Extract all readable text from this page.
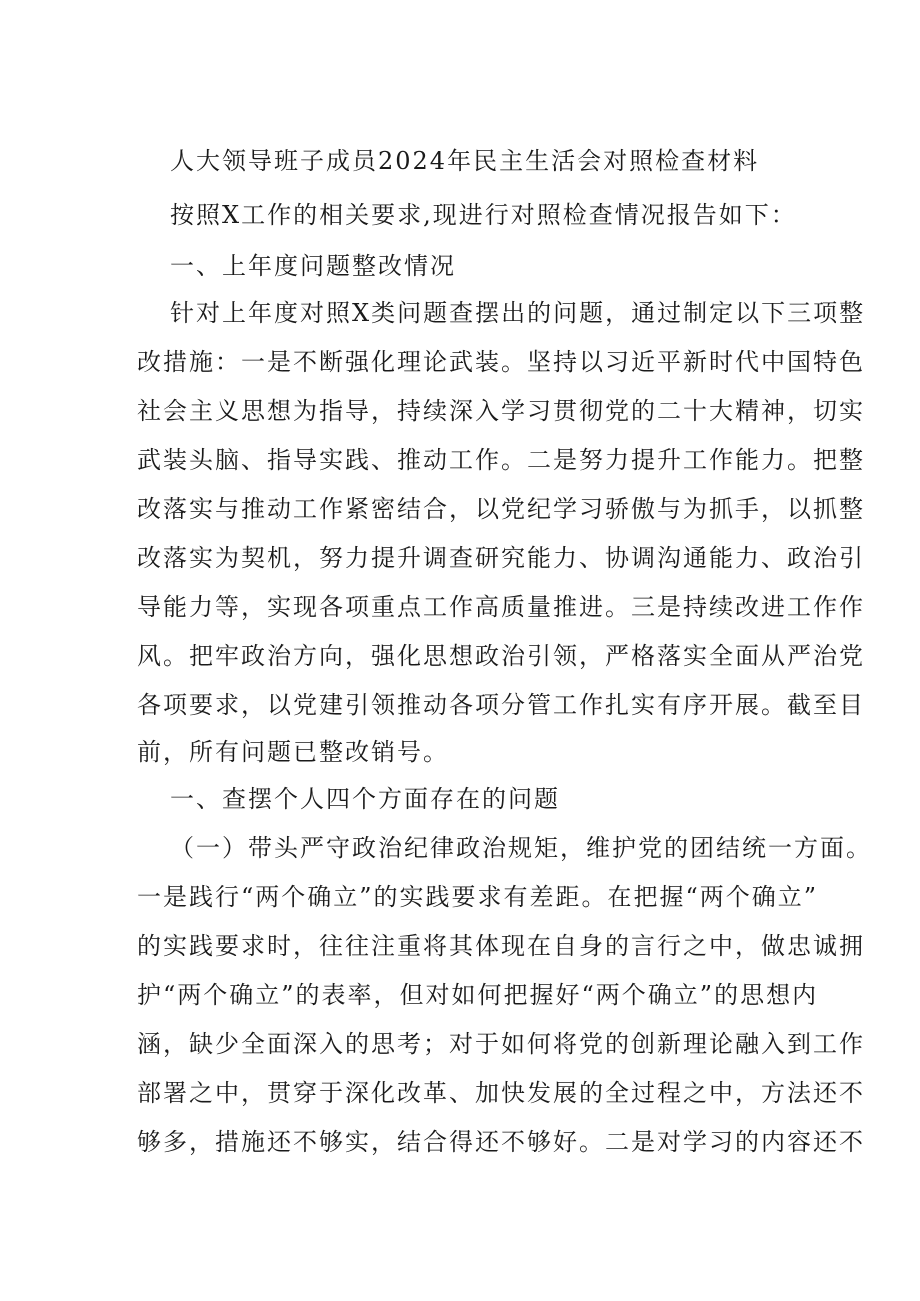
人大领导班子成员2024年民主生活会对照检查材料
按照X工作的相关要求,现进行对照检查情况报告如下：
一、上年度问题整改情况
针对上年度对照X类问题查摆出的问题，通过制定以下三项整
改措施：一是不断强化理论武装。坚持以习近平新时代中国特色
社会主义思想为指导，持续深入学习贯彻党的二十大精神，切实
武装头脑、指导实践、推动工作。二是努力提升工作能力。把整
改落实与推动工作紧密结合，以党纪学习骄傲与为抓手，以抓整
改落实为契机，努力提升调查研究能力、协调沟通能力、政治引
导能力等，实现各项重点工作高质量推进。三是持续改进工作作
风。把牢政治方向，强化思想政治引领，严格落实全面从严治党
各项要求，以党建引领推动各项分管工作扎实有序开展。截至目
前，所有问题已整改销号。
一、查摆个人四个方面存在的问题
（一）带头严守政治纪律政治规矩，维护党的团结统一方面。
一是践行“两个确立”的实践要求有差距。在把握“两个确立”
的实践要求时，往往注重将其体现在自身的言行之中，做忠诚拥
护“两个确立”的表率，但对如何把握好“两个确立”的思想内
涵，缺少全面深入的思考；对于如何将党的创新理论融入到工作
部署之中，贯穿于深化改革、加快发展的全过程之中，方法还不
够多，措施还不够实，结合得还不够好。二是对学习的内容还不
